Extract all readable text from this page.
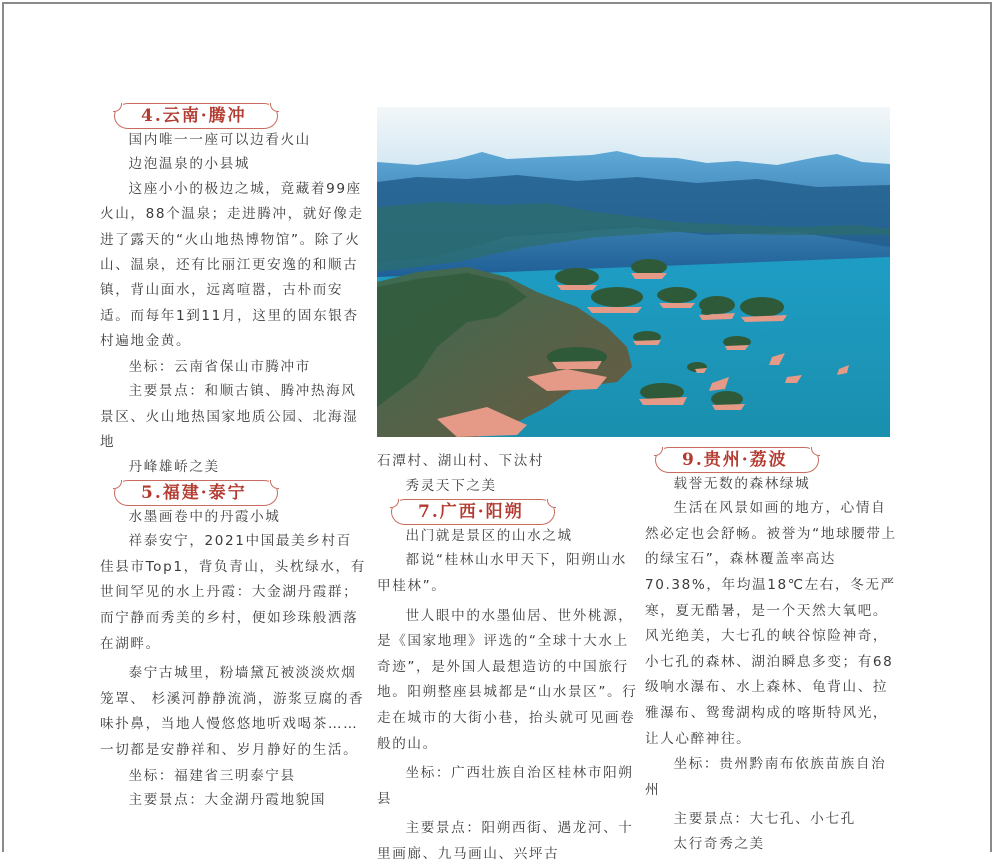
4.云南·腾冲

国内唯一一座可以边看火山

边泡温泉的小县城

这座小小的极边之城，竟藏着99座火山，88个温泉；走进腾冲，就好像走进了露天的“火山地热博物馆”。除了火山、温泉，还有比丽江更安逸的和顺古镇，背山面水，远离喧嚣，古朴而安适。而每年1到11月，这里的固东银杏村遍地金黄。

坐标：云南省保山市腾冲市

主要景点：和顺古镇、腾冲热海风景区、火山地热国家地质公园、北海湿地

丹峰雄峤之美

5.福建·泰宁

水墨画卷中的丹霞小城

祥泰安宁，2021中国最美乡村百佳县市Top1，背负青山，头枕绿水，有世间罕见的水上丹霞：大金湖丹霞群；而宁静而秀美的乡村，便如珍珠般洒落在湖畔。

泰宁古城里，粉墙黛瓦被淡淡炊烟笼罩、 杉溪河静静流淌，游浆豆腐的香味扑鼻，当地人慢悠悠地听戏喝茶……一切都是安静祥和、岁月静好的生活。

坐标：福建省三明泰宁县

主要景点：大金湖丹霞地貌国

石潭村、湖山村、下汰村

秀灵天下之美

7.广西·阳朔

出门就是景区的山水之城

都说“桂林山水甲天下，阳朔山水甲桂林”。

世人眼中的水墨仙居、世外桃源，是《国家地理》评选的“全球十大水上奇迹”，是外国人最想造访的中国旅行地。阳朔整座县城都是“山水景区”。行走在城市的大街小巷，抬头就可见画卷般的山。

坐标：广西壮族自治区桂林市阳朔县

主要景点：阳朔西街、遇龙河、十里画廊、九马画山、兴坪古

9.贵州·荔波

载誉无数的森林绿城

生活在风景如画的地方，心情自然必定也会舒畅。被誉为“地球腰带上的绿宝石”，森林覆盖率高达70.38%，年均温18℃左右，冬无严寒，夏无酷暑，是一个天然大氧吧。风光绝美，大七孔的峡谷惊险神奇，小七孔的森林、湖泊瞬息多变；有68级响水瀑布、水上森林、龟背山、拉雅瀑布、鸳鸯湖构成的喀斯特风光，让人心醉神往。

坐标：贵州黔南布依族苗族自治州

主要景点：大七孔、小七孔

太行奇秀之美
